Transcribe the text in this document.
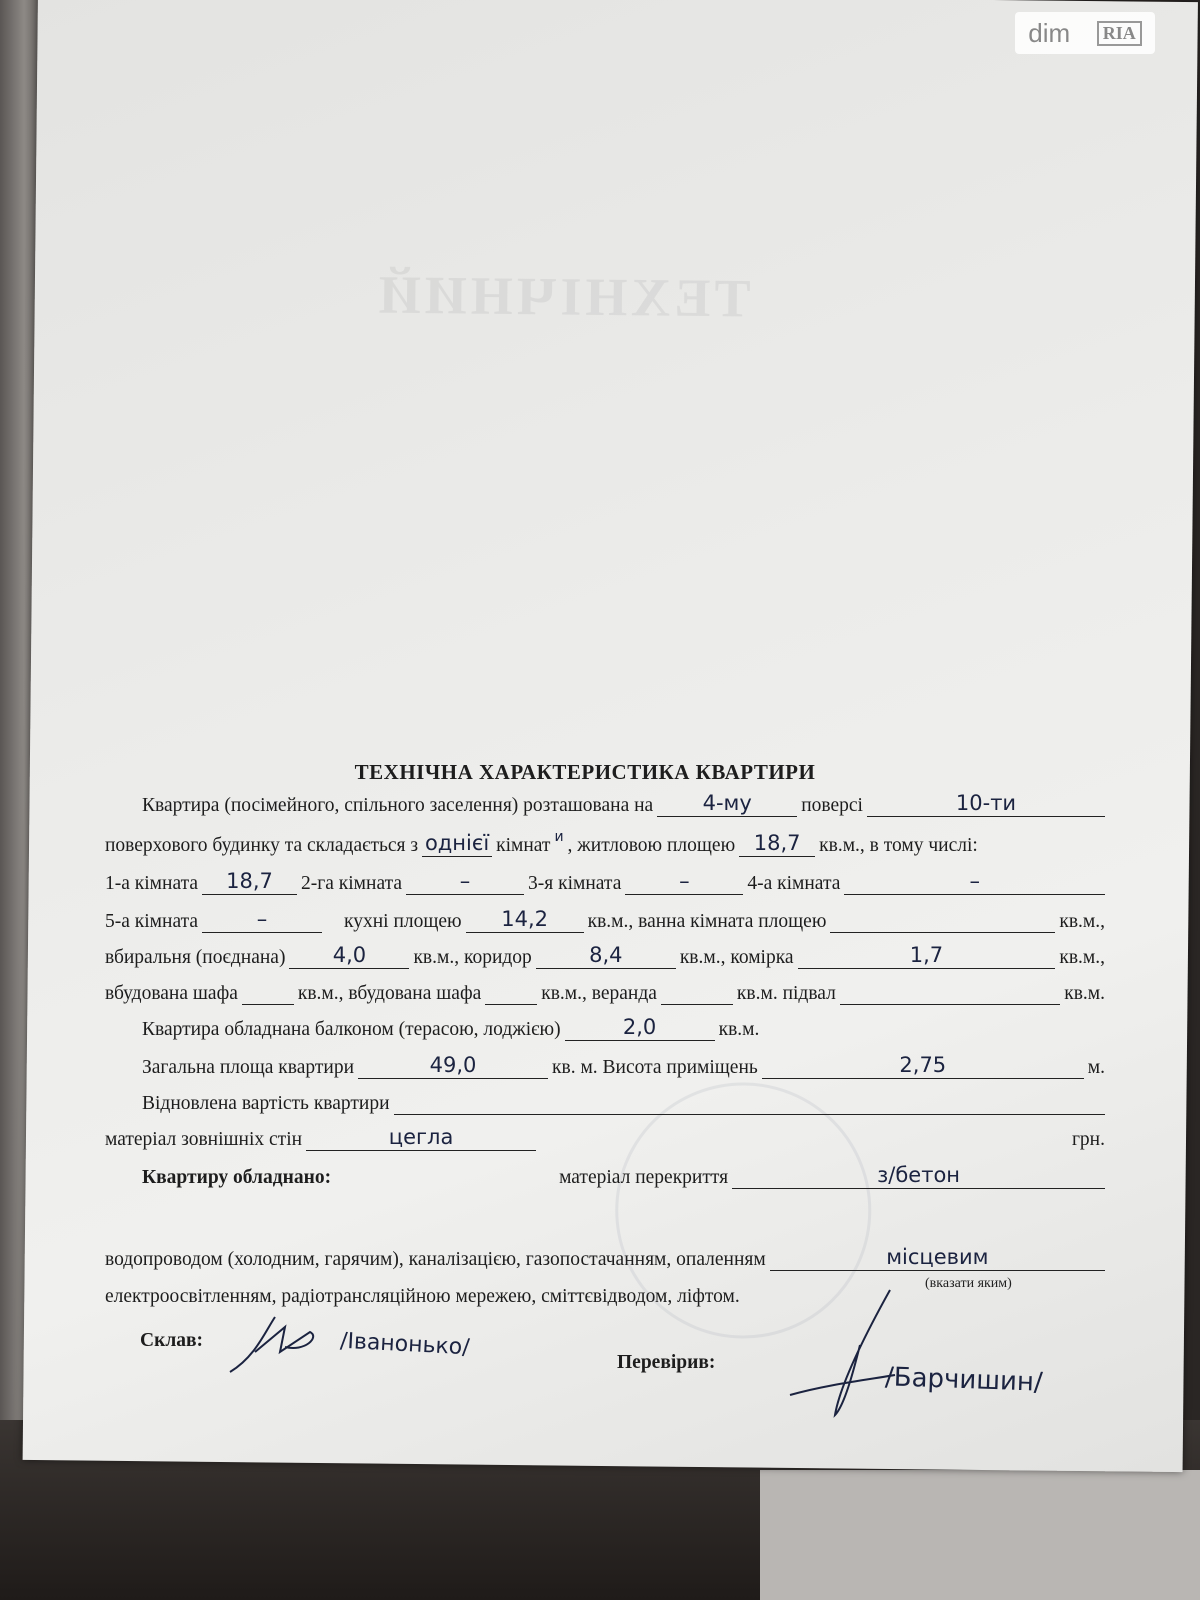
ТЕХНІЧНИЙ
dim	RIA
ТЕХНІЧНА ХАРАКТЕРИСТИКА КВАРТИРИ
Квартира (посімейного, спільного заселення) розташована на	4-му	поверсі	10-ти
поверхового будинку та складається з однієї кімнат и , житловою площею 18,7 кв.м., в тому числі:
1-а кімната	18,7	2-га кімната	–	3-я кімната	–	4-а кімната	–
5-а кімната	–	кухні площею	14,2	кв.м., ванна кімната площею	кв.м.,
вбиральня (поєднана)	4,0	кв.м., коридор	8,4	кв.м., комірка	1,7	кв.м.,
вбудована шафа	кв.м., вбудована шафа	кв.м., веранда	кв.м. підвал	кв.м.
Квартира обладнана балконом (терасою, лоджією)	2,0	кв.м.
Загальна площа квартири	49,0	кв. м. Висота приміщень	2,75	м.
Відновлена вартість квартири
матеріал зовнішніх стін	цегла	грн.
Квартиру обладнано:	матеріал перекриття	з/бетон
водопроводом (холодним, гарячим), каналізацією, газопостачанням, опаленням	місцевим
(вказати яким)
електроосвітленням, радіотрансляційною мережею, сміттєвідводом, ліфтом.
Склав:	/Іванонько/
Перевірив:	/Барчишин/
